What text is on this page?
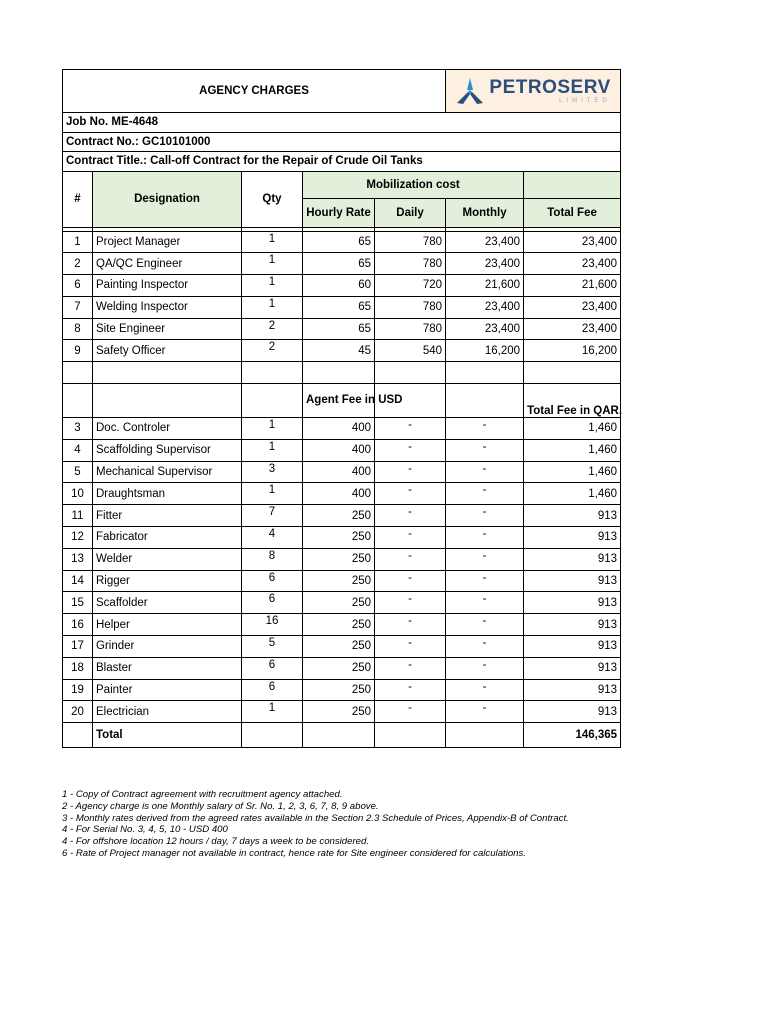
AGENCY CHARGES					PETROSERV
LIMITED	

Job No. ME-4648						
Contract No.: GC10101000						
Contract Title.: Call-off Contract for the Repair of Crude Oil Tanks						
#	Designation	Qty	Mobilization cost			
			Hourly Rate	Daily	Monthly	Total Fee

1	Project Manager	1	65	780	23,400	23,400
2	QA/QC Engineer	1	65	780	23,400	23,400
6	Painting Inspector	1	60	720	21,600	21,600
7	Welding Inspector	1	65	780	23,400	23,400
8	Site Engineer	2	65	780	23,400	23,400
9	Safety Officer	2	45	540	16,200	16,200

			Agent Fee in USD			Total Fee in QAR.
3	Doc. Controler	1	400	-	-	1,460
4	Scaffolding Supervisor	1	400	-	-	1,460
5	Mechanical Supervisor	3	400	-	-	1,460
10	Draughtsman	1	400	-	-	1,460
11	Fitter	7	250	-	-	913
12	Fabricator	4	250	-	-	913
13	Welder	8	250	-	-	913
14	Rigger	6	250	-	-	913
15	Scaffolder	6	250	-	-	913
16	Helper	16	250	-	-	913
17	Grinder	5	250	-	-	913
18	Blaster	6	250	-	-	913
19	Painter	6	250	-	-	913
20	Electrician	1	250	-	-	913
	Total					146,365
1 - Copy of Contract agreement with recruitment agency attached.
2 - Agency charge is one Monthly salary of Sr. No. 1, 2, 3, 6, 7, 8, 9 above.
3 - Monthly rates derived from the agreed rates available in the Section 2.3 Schedule of Prices, Appendix-B of Contract.
4 - For Serial No. 3, 4, 5, 10 - USD 400
4 - For offshore location 12 hours / day, 7 days a week to be considered.
6 - Rate of Project manager not available in contract, hence rate for Site engineer considered for calculations.
